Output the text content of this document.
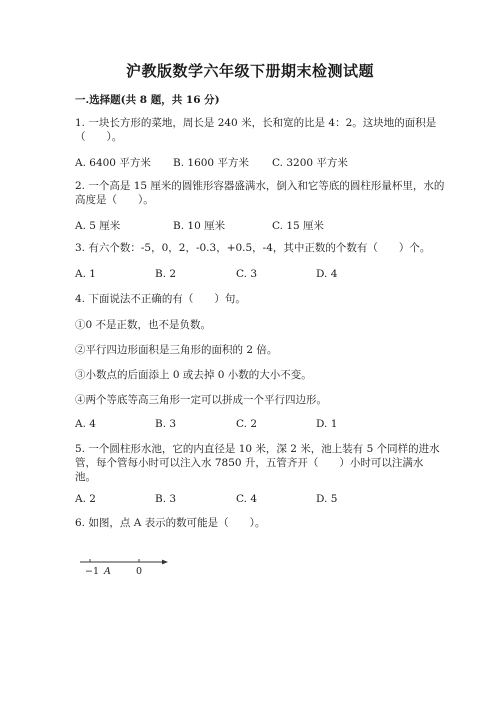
沪教版数学六年级下册期末检测试题
一.选择题(共 8 题，共 16 分)
1. 一块长方形的菜地，周长是 240 米，长和宽的比是 4：2。这块地的面积是
（　　）。
A. 6400 平方米 B. 1600 平方米 C. 3200 平方米
2. 一个高是 15 厘米的圆锥形容器盛满水，倒入和它等底的圆柱形量杯里，水的
高度是（　　）。
A. 5 厘米	B. 10 厘米	C. 15 厘米
3. 有六个数：-5，0，2，-0.3，+0.5，-4，其中正数的个数有（　　）个。
A. 1	B. 2	C. 3	D. 4
4. 下面说法不正确的有（　　）句。
①0 不是正数，也不是负数。
②平行四边形面积是三角形的面积的 2 倍。
③小数点的后面添上 0 或去掉 0 小数的大小不变。
④两个等底等高三角形一定可以拼成一个平行四边形。
A. 4	B. 3	C. 2	D. 1
5. 一个圆柱形水池，它的内直径是 10 米，深 2 米，池上装有 5 个同样的进水
管，每个管每小时可以注入水 7850 升，五管齐开（　　）小时可以注满水
池。
A. 2	B. 3	C. 4	D. 5
6. 如图，点 A 表示的数可能是（　　）。
−1 A	0
